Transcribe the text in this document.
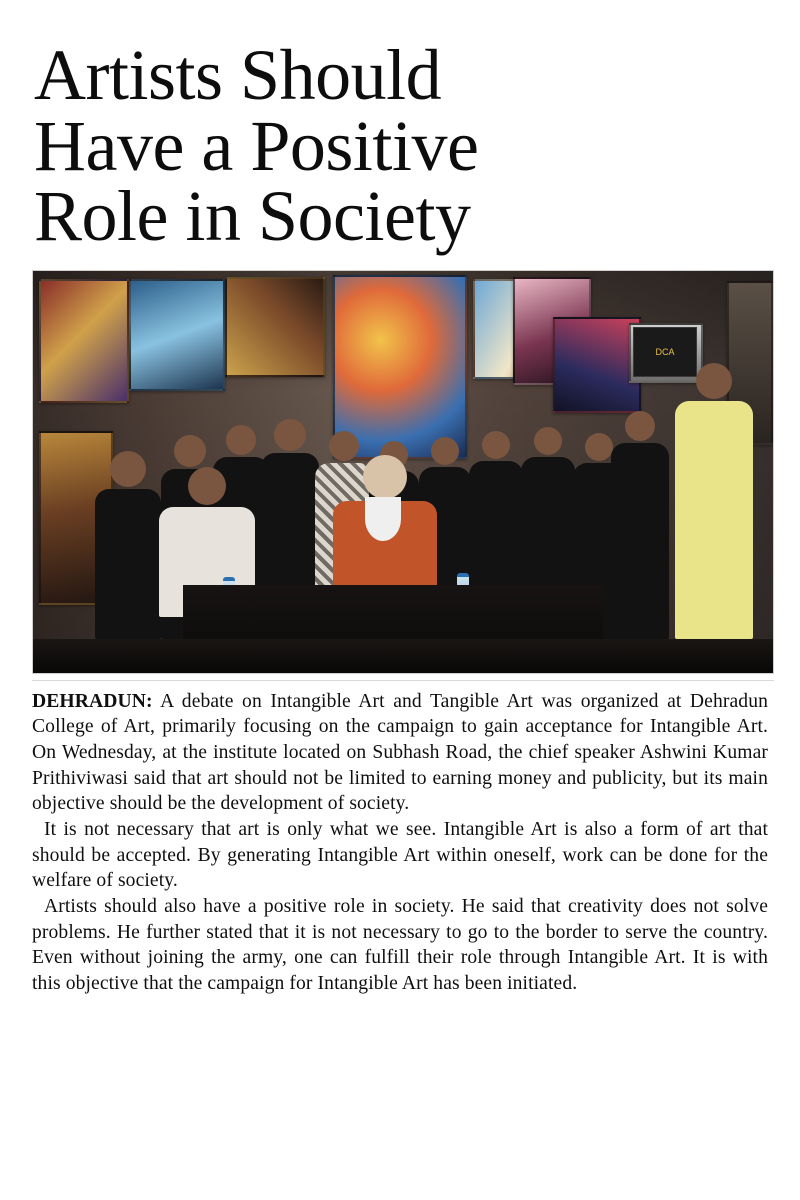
Artists Should
Have a Positive
Role in Society
DCA

DEHRADUN: A debate on Intangible Art and Tangible Art was organized at Dehradun College of Art, primarily focusing on the campaign to gain acceptance for Intangible Art. On Wednesday, at the institute located on Subhash Road, the chief speaker Ashwini Kumar Prithiviwasi said that art should not be limited to earning money and publicity, but its main objective should be the development of society.

It is not necessary that art is only what we see. Intangible Art is also a form of art that should be accepted. By generating Intangible Art within oneself, work can be done for the welfare of society.

Artists should also have a positive role in society. He said that creativity does not solve problems. He further stated that it is not necessary to go to the border to serve the country. Even without joining the army, one can fulfill their role through Intangible Art. It is with this objective that the campaign for Intangible Art has been initiated.
